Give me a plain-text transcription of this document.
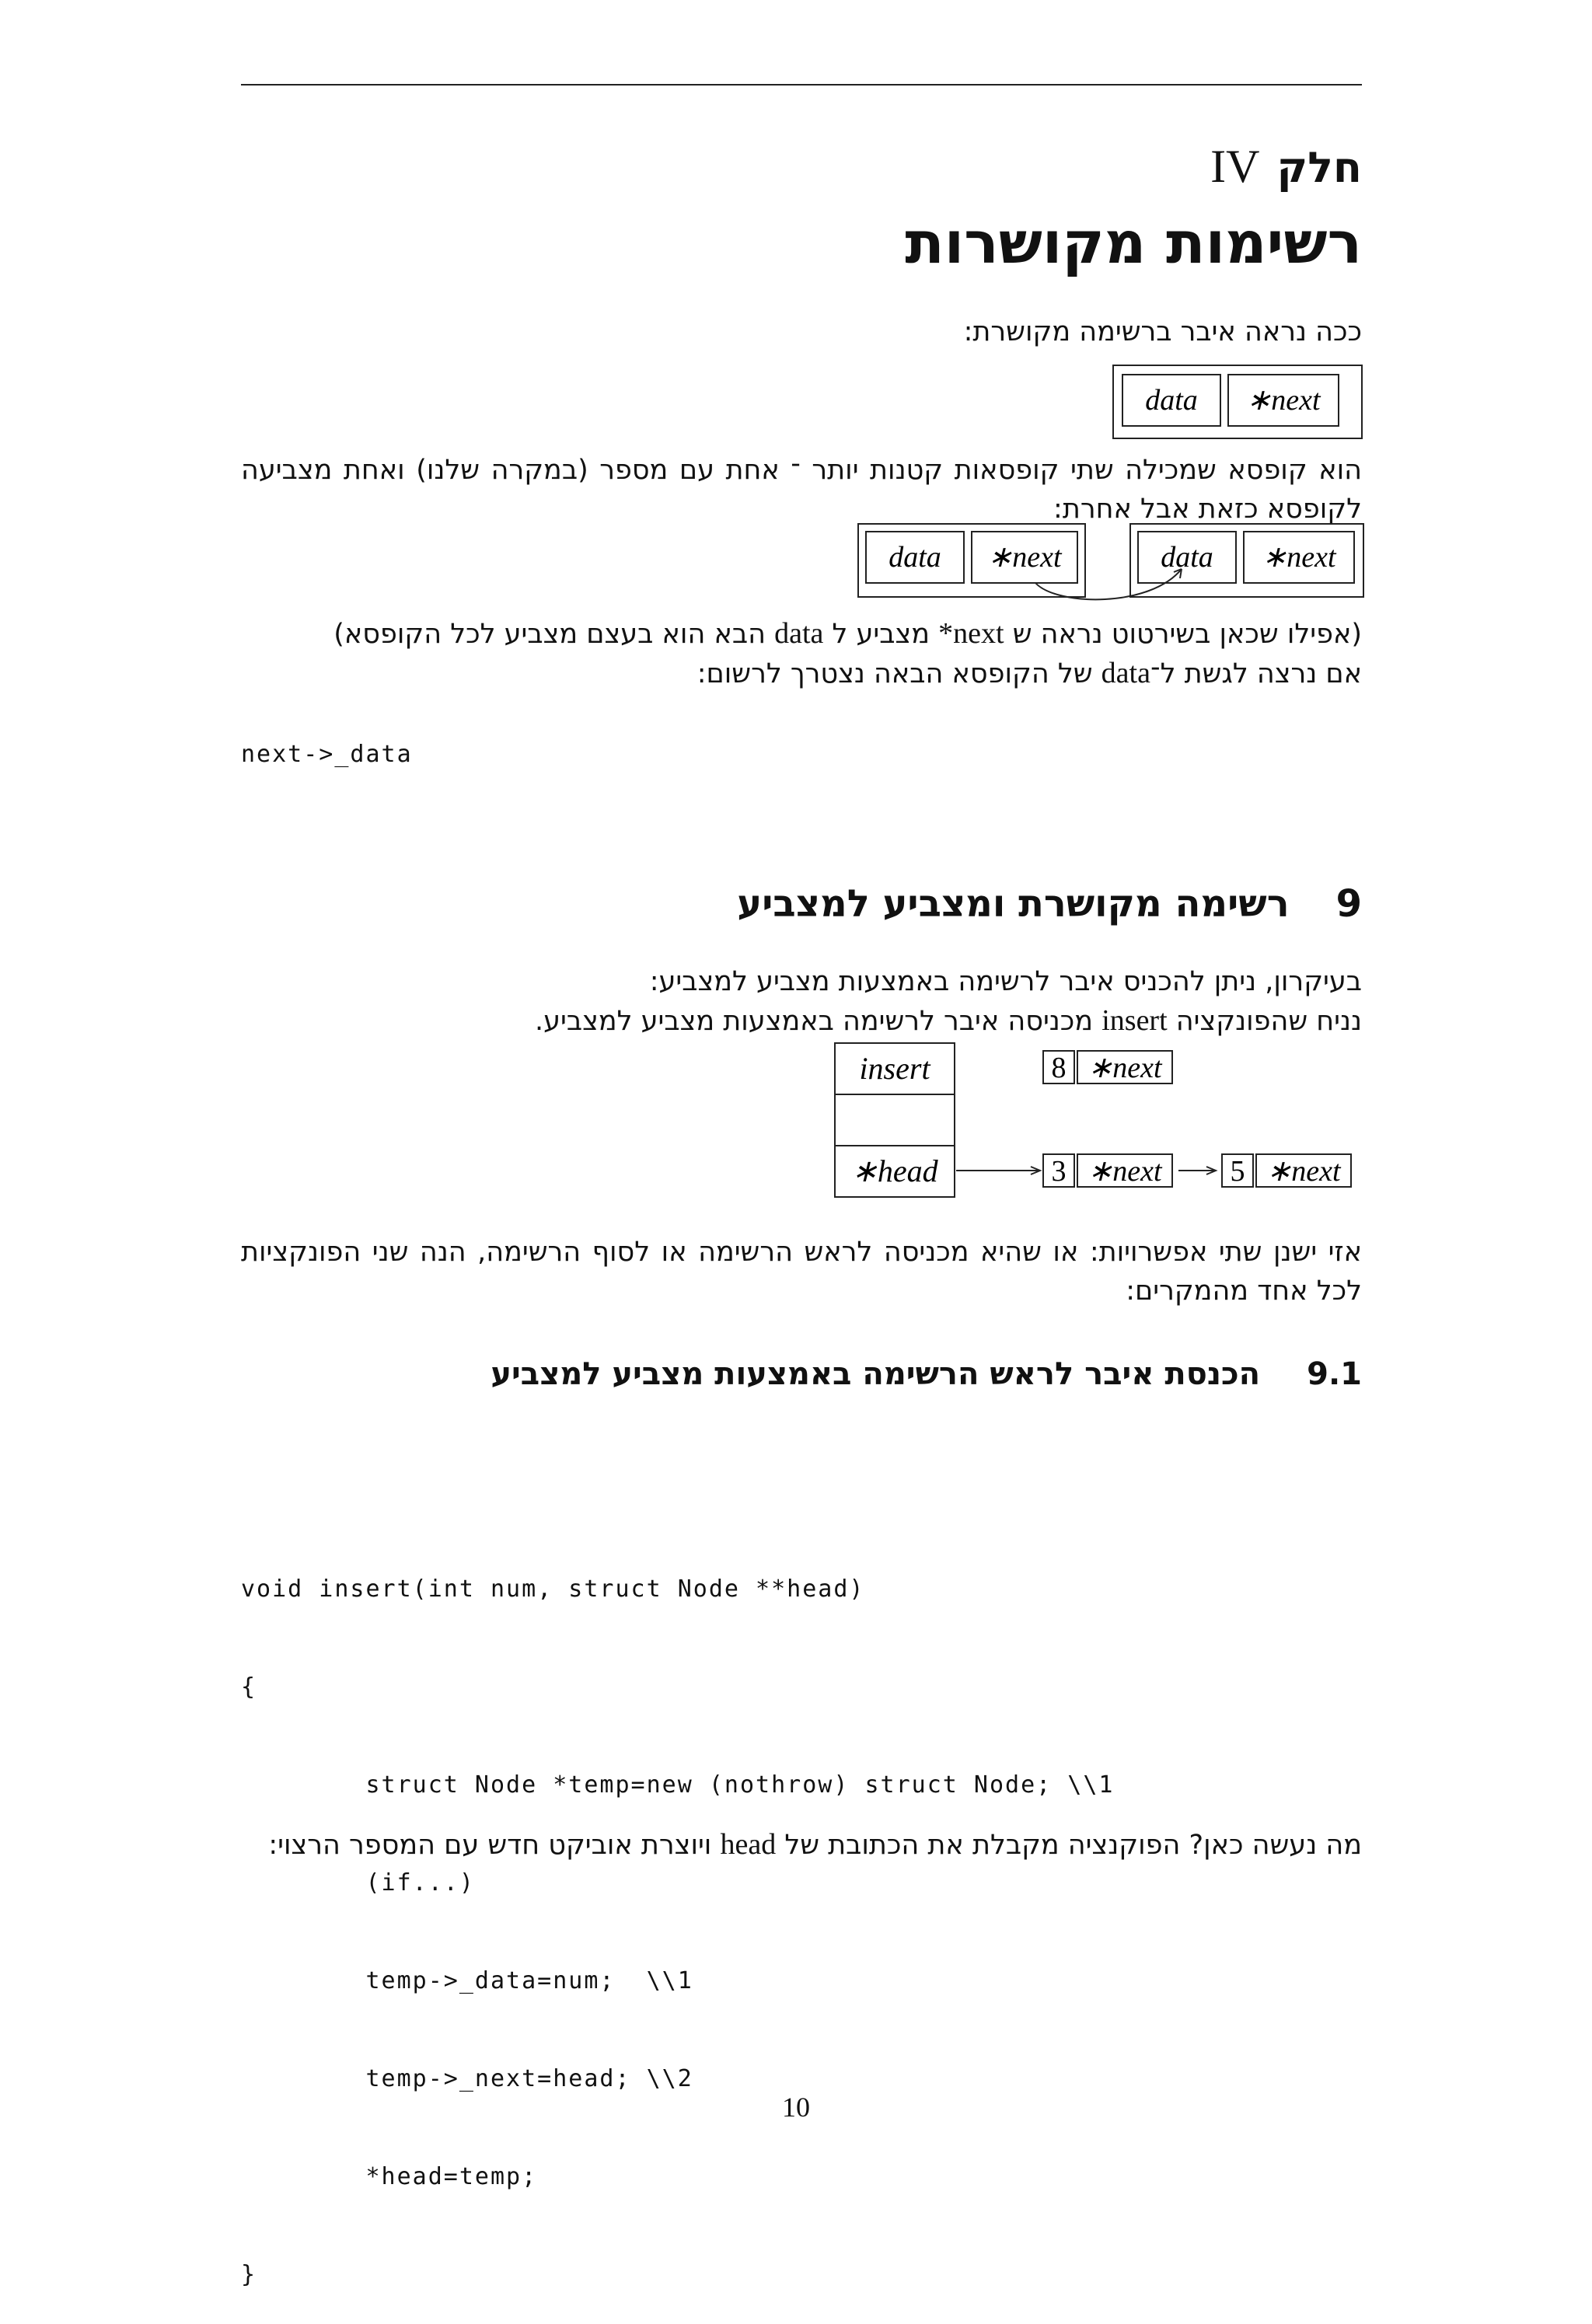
חלק
IV
רשימות מקושרות
ככה נראה איבר ברשימה מקושרת:
data ∗next
הוא קופסא שמכילה שתי קופסאות קטנות יותר ־ אחת עם מספר (במקרה שלנו) ואחת מצביעה לקופסא כזאת אבל אחרת:
data ∗next	data ∗next
(אפילו שכאן בשירטוט נראה ש next* מצביע ל data הבא הוא בעצם מצביע לכל הקופסא)
אם נרצה לגשת ל־data של הקופסא הבאה נצטרך לרשום:
next->_data
9
רשימה מקושרת ומצביע למצביע
בעיקרון, ניתן להכניס איבר לרשימה באמצעות מצביע למצביע:
נניח שהפונקציה insert מכניסה איבר לרשימה באמצעות מצביע למצביע.
insert
∗head
8 ∗next
3 ∗next 5 ∗next
אזי ישנן שתי אפשרויות: או שהיא מכניסה לראש הרשימה או לסוף הרשימה, הנה שני הפונקציות לכל אחד מהמקרים:
9.1
הכנסת איבר לראש הרשימה באמצעות מצביע למצביע

void insert(int num, struct Node **head)

{

struct Node *temp=new (nothrow) struct Node; \\1

(if...)

temp->_data=num;  \\1

temp->_next=head; \\2

*head=temp;

}

מה נעשה כאן? הפוקנציה מקבלת את הכתובת של head ויוצרת אוביקט חדש עם המספר הרצוי:
10
